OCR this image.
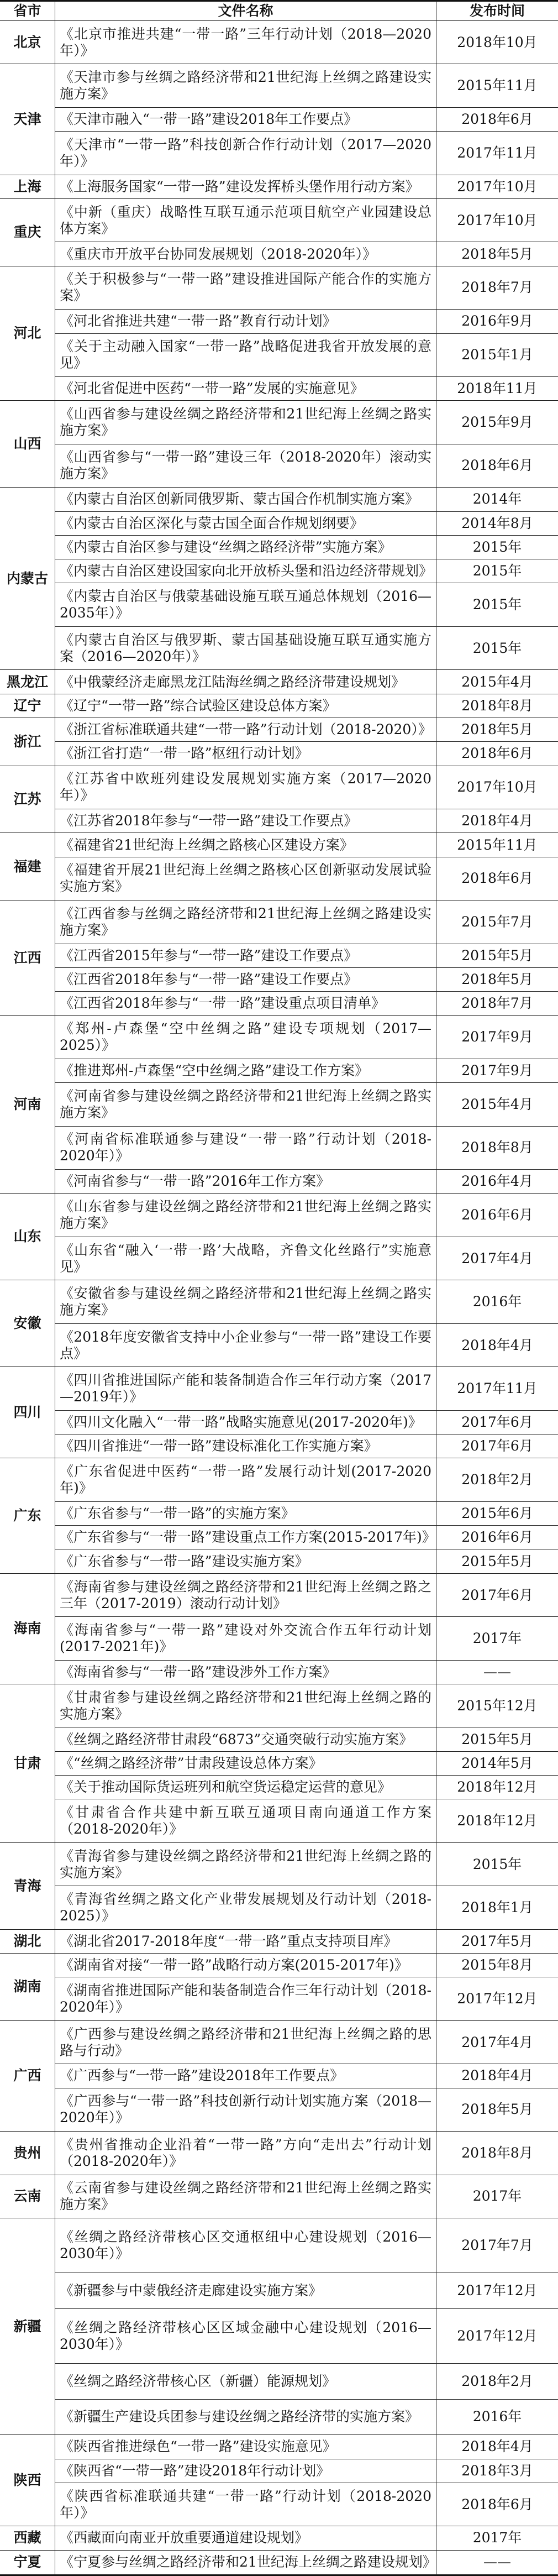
省市	文件名称	发布时间
北京	《北京市推进共建“一带一路”三年行动计划（2018—2020年）》	2018年10月
天津	《天津市参与丝绸之路经济带和21世纪海上丝绸之路建设实施方案》	2015年11月
	《天津市融入“一带一路”建设2018年工作要点》	2018年6月
	《天津市“一带一路”科技创新合作行动计划（2017—2020年）》	2017年11月
上海	《上海服务国家“一带一路”建设发挥桥头堡作用行动方案》	2017年10月
重庆	《中新（重庆）战略性互联互通示范项目航空产业园建设总体方案》	2017年10月
	《重庆市开放平台协同发展规划（2018-2020年）》	2018年5月
河北	《关于积极参与“一带一路”建设推进国际产能合作的实施方案》	2018年7月
	《河北省推进共建“一带一路”教育行动计划》	2016年9月
	《关于主动融入国家“一带一路”战略促进我省开放发展的意见》	2015年1月
	《河北省促进中医药“一带一路”发展的实施意见》	2018年11月
山西	《山西省参与建设丝绸之路经济带和21世纪海上丝绸之路实施方案》	2015年9月
	《山西省参与“一带一路”建设三年（2018-2020年）滚动实施方案》	2018年6月
内蒙古	《内蒙古自治区创新同俄罗斯、蒙古国合作机制实施方案》	2014年
	《内蒙古自治区深化与蒙古国全面合作规划纲要》	2014年8月
	《内蒙古自治区参与建设“丝绸之路经济带”实施方案》	2015年
	《内蒙古自治区建设国家向北开放桥头堡和沿边经济带规划》	2015年
	《内蒙古自治区与俄蒙基础设施互联互通总体规划（2016—2035年）》	2015年
	《内蒙古自治区与俄罗斯、蒙古国基础设施互联互通实施方案（2016—2020年）》	2015年
黑龙江	《中俄蒙经济走廊黑龙江陆海丝绸之路经济带建设规划》	2015年4月
辽宁	《辽宁“一带一路”综合试验区建设总体方案》	2018年8月
浙江	《浙江省标准联通共建“一带一路”行动计划（2018-2020）》	2018年5月
	《浙江省打造“一带一路”枢纽行动计划》	2018年6月
江苏	《江苏省中欧班列建设发展规划实施方案（2017—2020年）》	2017年10月
	《江苏省2018年参与“一带一路”建设工作要点》	2018年4月
福建	《福建省21世纪海上丝绸之路核心区建设方案》	2015年11月
	《福建省开展21世纪海上丝绸之路核心区创新驱动发展试验实施方案》	2018年6月
江西	《江西省参与丝绸之路经济带和21世纪海上丝绸之路建设实施方案》	2015年7月
	《江西省2015年参与“一带一路”建设工作要点》	2015年5月
	《江西省2018年参与“一带一路”建设工作要点》	2018年5月
	《江西省2018年参与“一带一路”建设重点项目清单》	2018年7月
河南	《郑州-卢森堡“空中丝绸之路”建设专项规划（2017—2025）》	2017年9月
	《推进郑州-卢森堡“空中丝绸之路”建设工作方案》	2017年9月
	《河南省参与建设丝绸之路经济带和21世纪海上丝绸之路实施方案》	2015年4月
	《河南省标准联通参与建设“一带一路”行动计划（2018-2020年）》	2018年8月
	《河南省参与“一带一路”2016年工作方案》	2016年4月
山东	《山东省参与建设丝绸之路经济带和21世纪海上丝绸之路实施方案》	2016年6月
	《山东省“融入‘一带一路’大战略，齐鲁文化丝路行”实施意见》	2017年4月
安徽	《安徽省参与建设丝绸之路经济带和21世纪海上丝绸之路实施方案》	2016年
	《2018年度安徽省支持中小企业参与“一带一路”建设工作要点》	2018年4月
四川	《四川省推进国际产能和装备制造合作三年行动方案（2017—2019年）》	2017年11月
	《四川文化融入“一带一路”战略实施意见(2017-2020年)》	2017年6月
	《四川省推进“一带一路”建设标准化工作实施方案》	2017年6月
广东	《广东省促进中医药“一带一路”发展行动计划(2017-2020年)》	2018年2月
	《广东省参与“一带一路”的实施方案》	2015年6月
	《广东省参与“一带一路”建设重点工作方案(2015-2017年)》	2016年6月
	《广东省参与“一带一路”建设实施方案》	2015年5月
海南	《海南省参与建设丝绸之路经济带和21世纪海上丝绸之路之三年（2017-2019）滚动行动计划》	2017年6月
	《海南省参与“一带一路”建设对外交流合作五年行动计划(2017-2021年)》	2017年
	《海南省参与“一带一路”建设涉外工作方案》	——
甘肃	《甘肃省参与建设丝绸之路经济带和21世纪海上丝绸之路的实施方案》	2015年12月
	《丝绸之路经济带甘肃段“6873”交通突破行动实施方案》	2015年5月
	《“丝绸之路经济带”甘肃段建设总体方案》	2014年5月
	《关于推动国际货运班列和航空货运稳定运营的意见》	2018年12月
	《甘肃省合作共建中新互联互通项目南向通道工作方案（2018-2020年）》	2018年12月
青海	《青海省参与建设丝绸之路经济带和21世纪海上丝绸之路的实施方案》	2015年
	《青海省丝绸之路文化产业带发展规划及行动计划（2018-2025）》	2018年1月
湖北	《湖北省2017-2018年度“一带一路”重点支持项目库》	2017年5月
湖南	《湖南省对接“一带一路”战略行动方案(2015-2017年)》	2015年8月
	《湖南省推进国际产能和装备制造合作三年行动计划（2018-2020年）》	2017年12月
广西	《广西参与建设丝绸之路经济带和21世纪海上丝绸之路的思路与行动》	2017年4月
	《广西参与“一带一路”建设2018年工作要点》	2018年4月
	《广西参与“一带一路”科技创新行动计划实施方案（2018—2020年）》	2018年5月
贵州	《贵州省推动企业沿着“一带一路”方向“走出去”行动计划（2018-2020年）》	2018年8月
云南	《云南省参与建设丝绸之路经济带和21世纪海上丝绸之路实施方案》	2017年
新疆	《丝绸之路经济带核心区交通枢纽中心建设规划（2016—2030年）》	2017年7月
	《新疆参与中蒙俄经济走廊建设实施方案》	2017年12月
	《丝绸之路经济带核心区区域金融中心建设规划（2016—2030年）》	2017年12月
	《丝绸之路经济带核心区（新疆）能源规划》	2018年2月
	《新疆生产建设兵团参与建设丝绸之路经济带的实施方案》	2016年
陕西	《陕西省推进绿色“一带一路”建设实施意见》	2018年4月
	《陕西省“一带一路”建设2018年行动计划》	2018年3月
	《陕西省标准联通共建“一带一路”行动计划（2018-2020年）》	2018年6月
西藏	《西藏面向南亚开放重要通道建设规划》	2017年
宁夏	《宁夏参与丝绸之路经济带和21世纪海上丝绸之路建设规划》	——
